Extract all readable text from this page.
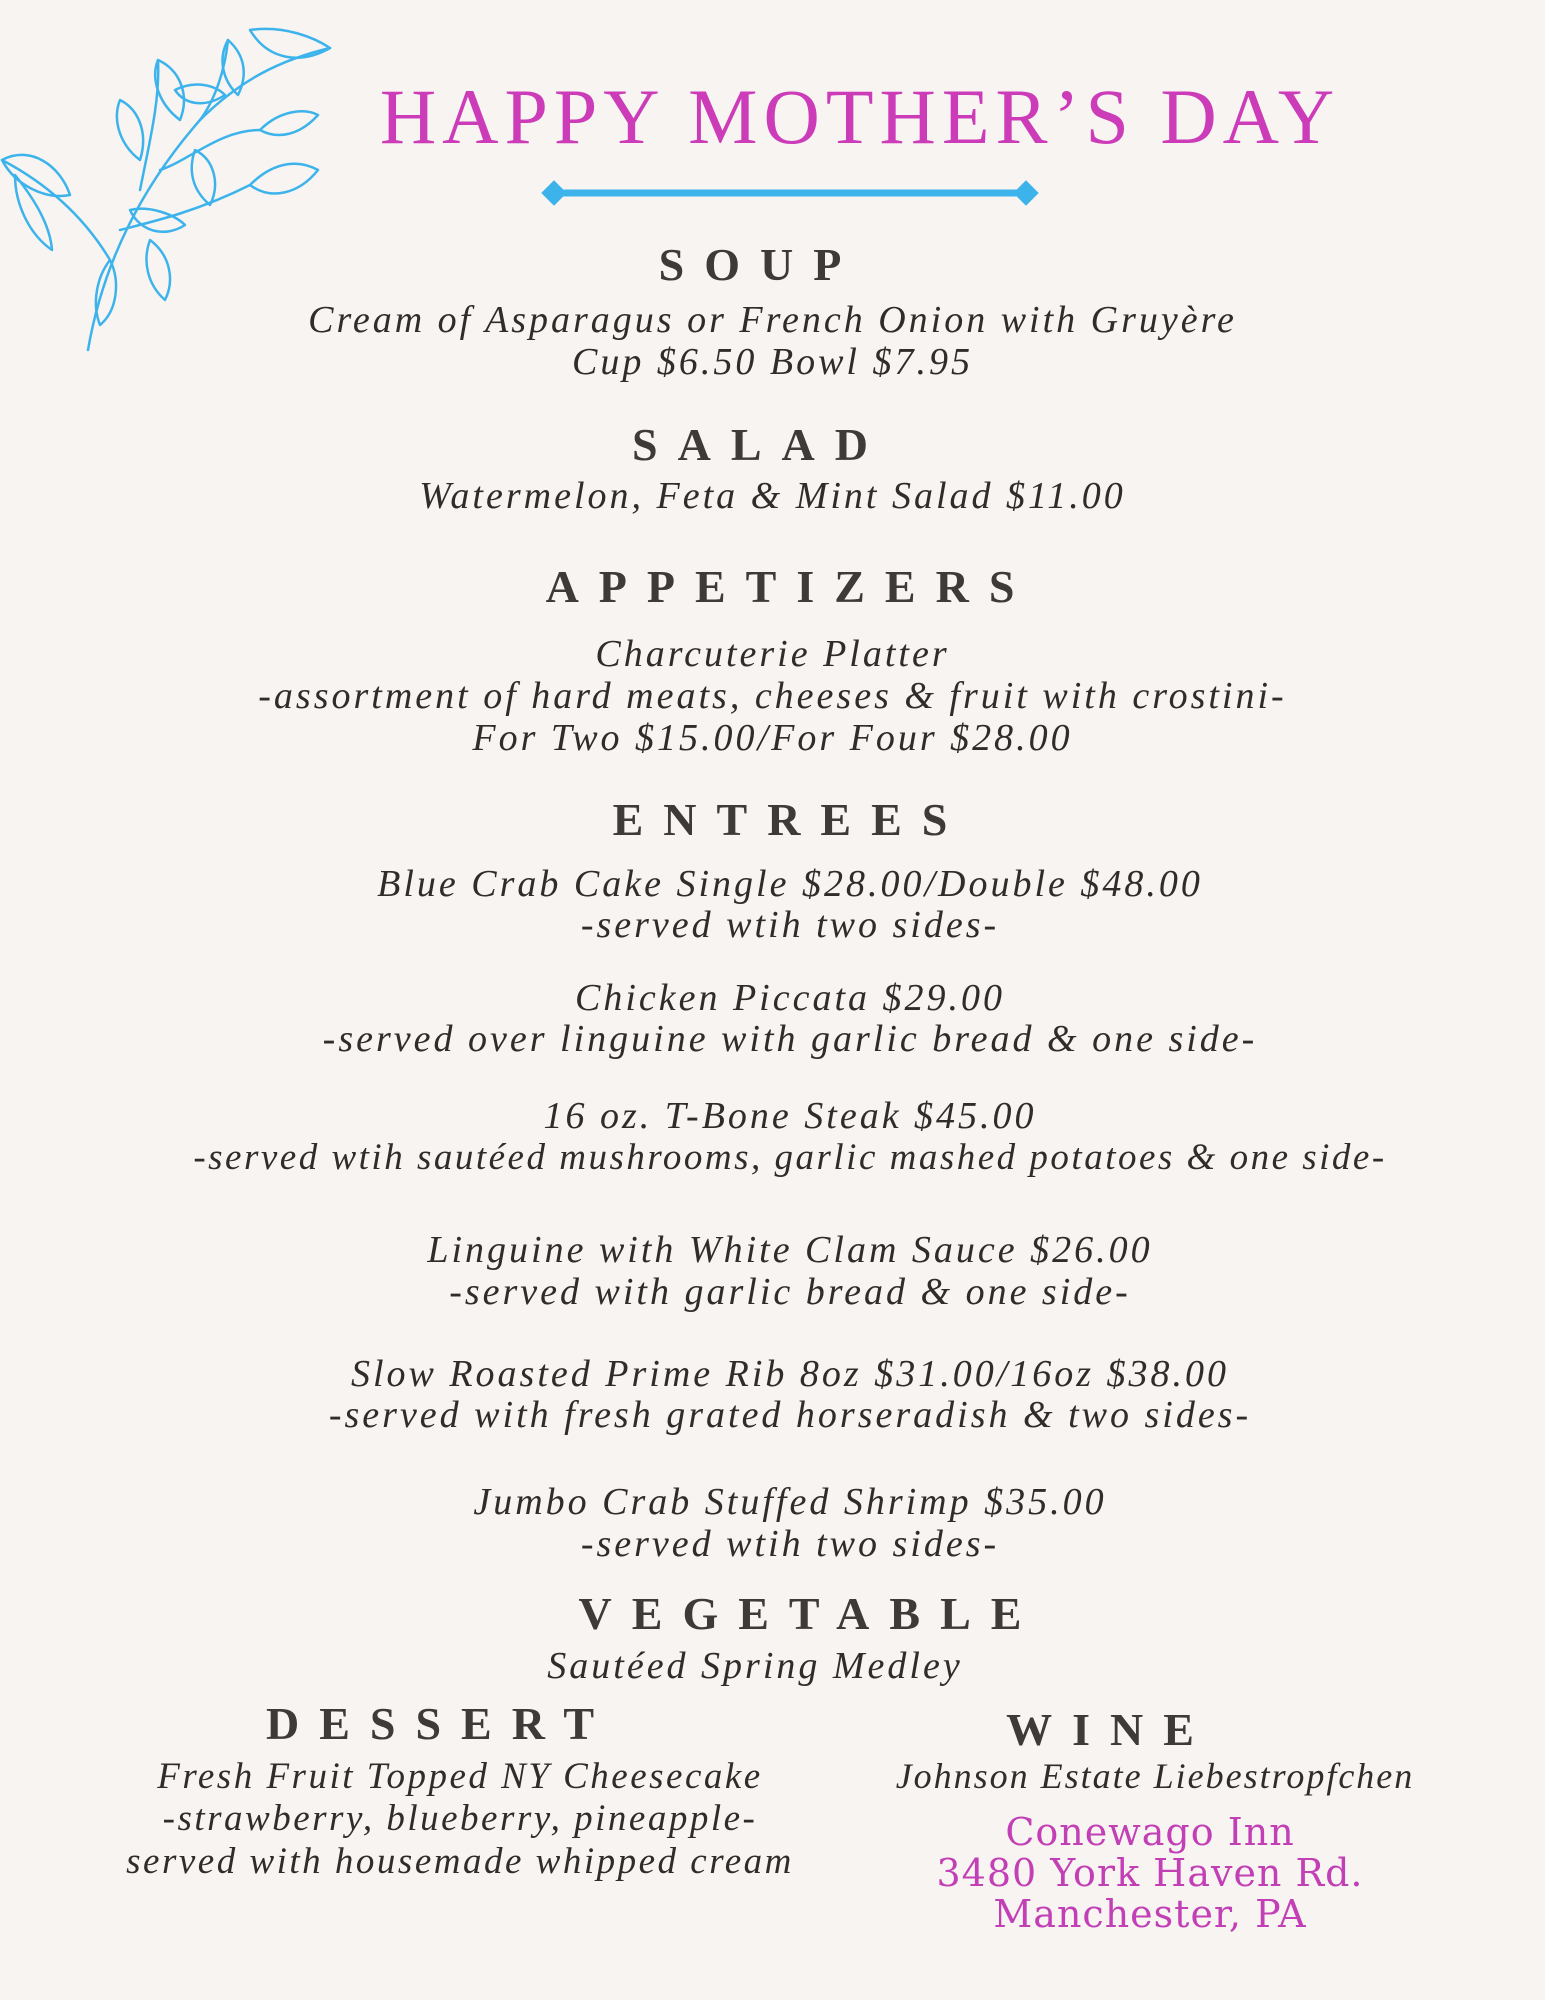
HAPPY MOTHER’S DAY
SOUP
Cream of Asparagus or French Onion with Gruyère
Cup $6.50 Bowl $7.95
SALAD
Watermelon, Feta & Mint Salad $11.00
APPETIZERS
Charcuterie Platter
-assortment of hard meats, cheeses & fruit with crostini-
For Two $15.00/For Four $28.00
ENTREES
Blue Crab Cake Single $28.00/Double $48.00
-served wtih two sides-
Chicken Piccata $29.00
-served over linguine with garlic bread & one side-
16 oz. T-Bone Steak $45.00
-served wtih sautéed mushrooms, garlic mashed potatoes & one side-
Linguine with White Clam Sauce $26.00
-served with garlic bread & one side-
Slow Roasted Prime Rib 8oz $31.00/16oz $38.00
-served with fresh grated horseradish & two sides-
Jumbo Crab Stuffed Shrimp $35.00
-served wtih two sides-
VEGETABLE
Sautéed Spring Medley
DESSERT
Fresh Fruit Topped NY Cheesecake
-strawberry, blueberry, pineapple-
served with housemade whipped cream
WINE
Johnson Estate Liebestropfchen
Conewago Inn
3480 York Haven Rd.
Manchester, PA
